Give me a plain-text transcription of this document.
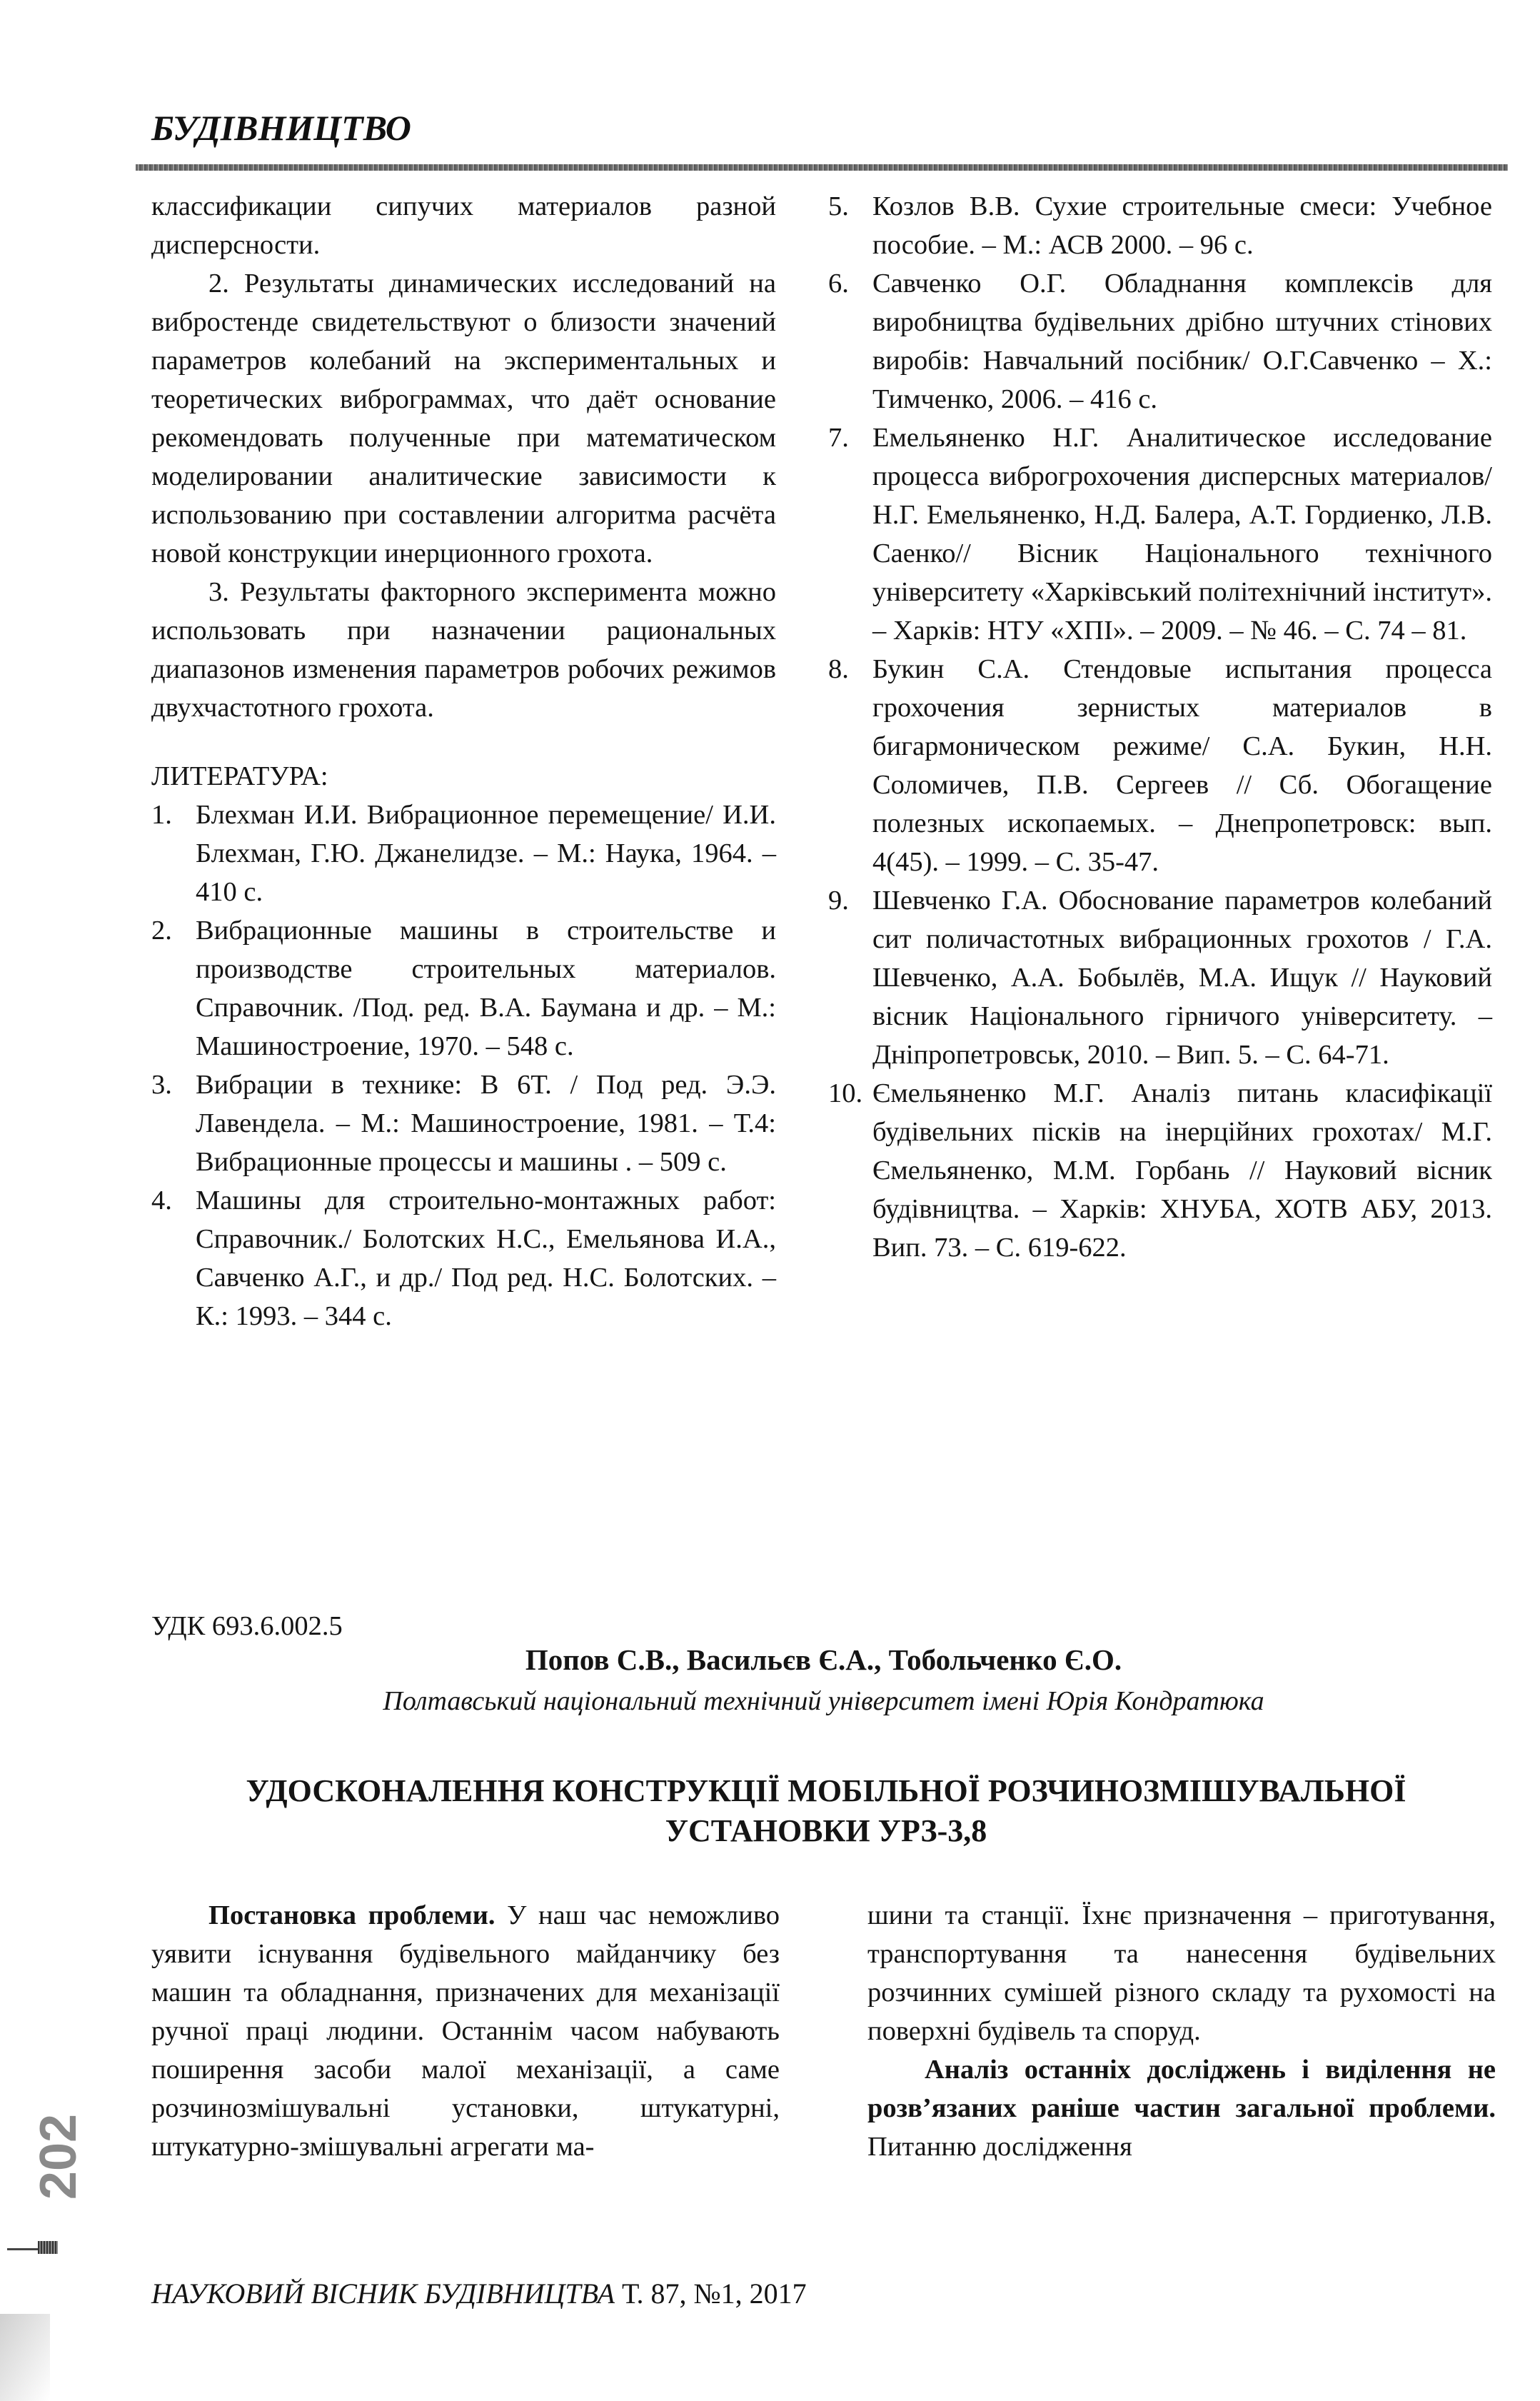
БУДІВНИЦТВО

классификации сипучих материалов разной дисперсности.

2. Результаты динамических исследований на вибростенде свидетельствуют о близости значений параметров колебаний на экспериментальных и теоретических виброграммах, что даёт основание рекомендовать полученные при математическом моделировании аналитические зависимости к использованию при составлении алгоритма расчёта новой конструкции инерционного грохота.

3. Результаты факторного эксперимента можно использовать при назначении рациональных диапазонов изменения параметров робочих режимов двухчастотного грохота.

ЛИТЕРАТУРА:

1. Блехман И.И. Вибрационное перемещение/ И.И. Блехман, Г.Ю. Джанелидзе. – М.: Наука, 1964. – 410 с.
2. Вибрационные машины в строительстве и производстве строительных материалов. Справочник. /Под. ред. В.А. Баумана и др. – М.: Машиностроение, 1970. – 548 с.
3. Вибрации в технике: В 6Т. / Под ред. Э.Э. Лавендела. – М.: Машиностроение, 1981. – Т.4: Вибрационные процессы и машины . – 509 с.
4. Машины для строительно-монтажных работ: Справочник./ Болотских Н.С., Емельянова И.А., Савченко А.Г., и др./ Под ред. Н.С. Болотских. – К.: 1993. – 344 с.
5. Козлов В.В. Сухие строительные смеси: Учебное пособие. – М.: АСВ 2000. – 96 с.
6. Савченко О.Г. Обладнання комплексів для виробництва будівельних дрібно штучних стінових виробів: Навчальний посібник/ О.Г.Савченко – Х.: Тимченко, 2006. – 416 с.
7. Емельяненко Н.Г. Аналитическое исследование процесса виброгрохочения дисперсных материалов/ Н.Г. Емельяненко, Н.Д. Балера, А.Т. Гордиенко, Л.В. Саенко// Вісник Національного технічного університету «Харківський політехнічний інститут». – Харків: НТУ «ХПІ». – 2009. – № 46. – С. 74 – 81.
8. Букин С.А. Стендовые испытания процесса грохочения зернистых материалов в бигармоническом режиме/ С.А. Букин, Н.Н. Соломичев, П.В. Сергеев // Сб. Обогащение полезных ископаемых. – Днепропетровск: вып. 4(45). – 1999. – С. 35-47.
9. Шевченко Г.А. Обоснование параметров колебаний сит поличастотных вибрационных грохотов / Г.А. Шевченко, А.А. Бобылёв, М.А. Ищук // Науковий вісник Національного гірничого університету. – Дніпропетровськ, 2010. – Вип. 5. – С. 64-71.
10. Ємельяненко М.Г. Аналіз питань класифікації будівельних пісків на інерційних грохотах/ М.Г. Ємельяненко, М.М. Горбань // Науковий вісник будівництва. – Харків: ХНУБА, ХОТВ АБУ, 2013. Вип. 73. – С. 619-622.
УДК 693.6.002.5
Попов С.В., Васильєв Є.А., Тобольченко Є.О.
Полтавський національний технічний університет імені Юрія Кондратюка
УДОСКОНАЛЕННЯ КОНСТРУКЦІЇ МОБІЛЬНОЇ РОЗЧИНОЗМІШУВАЛЬНОЇ
УСТАНОВКИ УРЗ-3,8

Постановка проблеми. У наш час неможливо уявити існування будівельного майданчику без машин та обладнання, призначених для механізації ручної праці людини. Останнім часом набувають поширення засоби малої механізації, а саме розчинозмішувальні установки, штукатурні, штукатурно-змішувальні агрегати ма-

шини та станції. Їхнє призначення – приготування, транспортування та нанесення будівельних розчинних сумішей різного складу та рухомості на поверхні будівель та споруд.

Аналіз останніх досліджень і виділення не розв’язаних раніше частин загальної проблеми. Питанню дослідження

202
НАУКОВИЙ ВІСНИК БУДІВНИЦТВА Т. 87, №1, 2017
